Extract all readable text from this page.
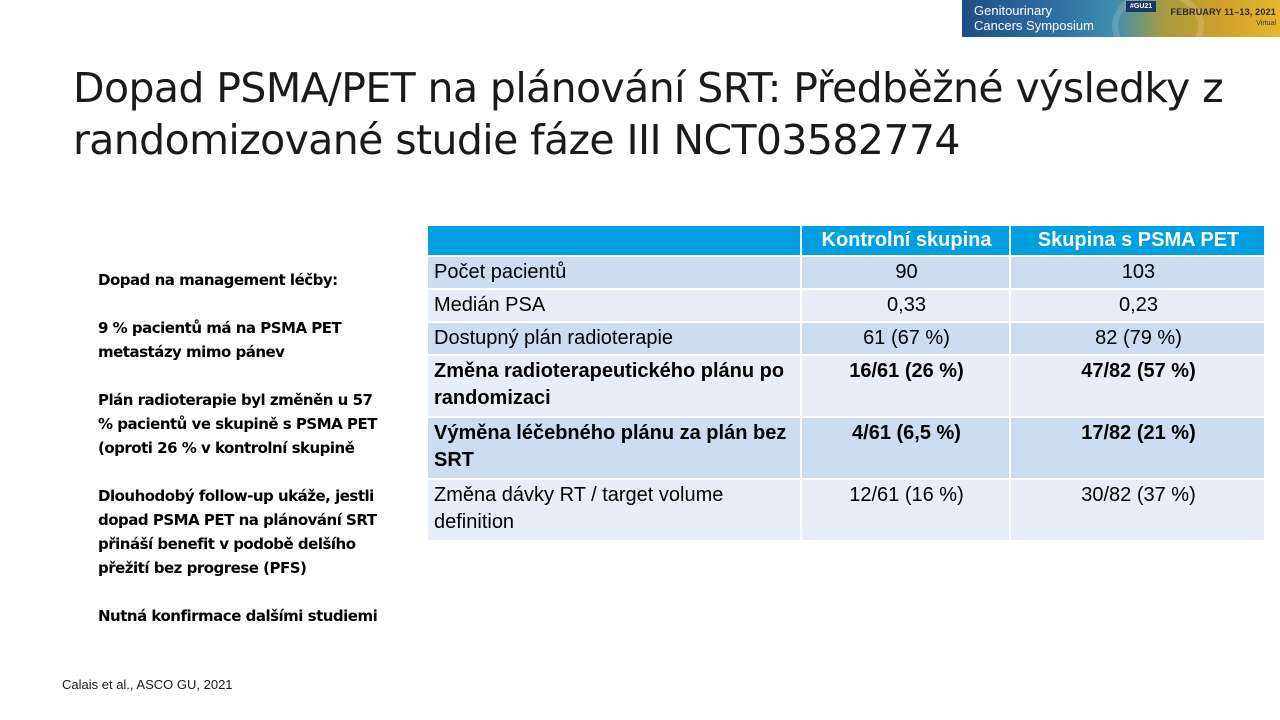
Genitourinary
Cancers Symposium
#GU21
FEBRUARY 11–13, 2021
Virtual
Dopad PSMA/PET na plánování SRT: Předběžné výsledky z randomizované studie fáze III NCT03582774

Dopad na management léčby:

9 % pacientů má na PSMA PET metastázy mimo pánev

Plán radioterapie byl změněn u 57 % pacientů ve skupině s PSMA PET (oproti 26 % v kontrolní skupině

Dlouhodobý follow-up ukáže, jestli dopad PSMA PET na plánování SRT přináší benefit v podobě delšího přežití bez progrese (PFS)

Nutná konfirmace dalšími studiemi

	Kontrolní skupina	Skupina s PSMA PET
Počet pacientů	90	103
Medián PSA	0,33	0,23
Dostupný plán radioterapie	61 (67 %)	82 (79 %)
Změna radioterapeutického plánu po randomizaci	16/61 (26 %)	47/82 (57 %)
Výměna léčebného plánu za plán bez SRT	4/61 (6,5 %)	17/82 (21 %)
Změna dávky RT / target volume definition	12/61 (16 %)	30/82 (37 %)
Calais et al., ASCO GU, 2021
